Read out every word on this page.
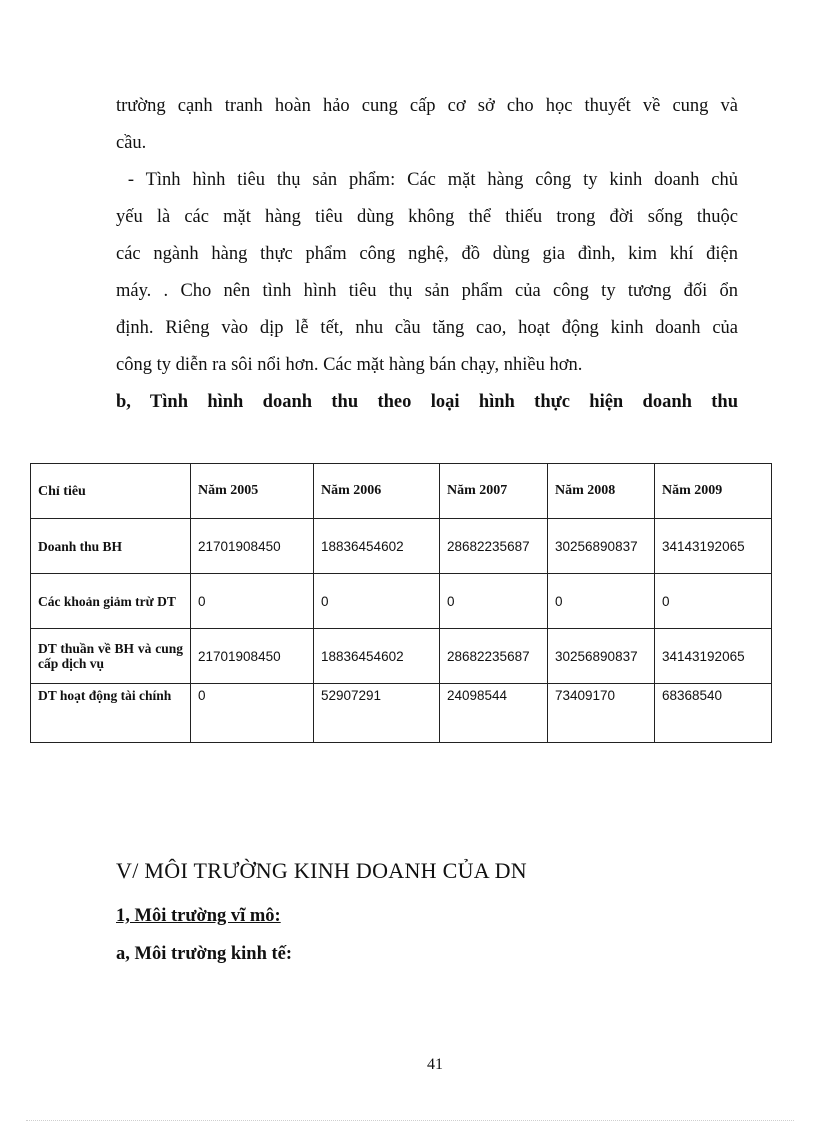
trường cạnh tranh hoàn hảo cung cấp cơ sở cho học thuyết về cung và
cầu.

- Tình hình tiêu thụ sản phẩm: Các mặt hàng công ty kinh doanh chủ
yếu là các mặt hàng tiêu dùng không thể thiếu trong đời sống thuộc
các ngành hàng thực phẩm công nghệ, đồ dùng gia đình, kim khí điện
máy. . Cho nên tình hình tiêu thụ sản phẩm của công ty tương đối ổn
định. Riêng vào dịp lễ tết, nhu cầu tăng cao, hoạt động kinh doanh của
công ty diễn ra sôi nổi hơn. Các mặt hàng bán chạy, nhiều hơn.

b, Tình hình doanh thu theo loại hình thực hiện doanh thu

Chỉ tiêu	Năm 2005	Năm 2006	Năm 2007	Năm 2008	Năm 2009
Doanh thu BH	21701908450	18836454602	28682235687	30256890837	34143192065
Các khoản giảm trừ DT	0	0	0	0	0
DT thuần về BH và cung cấp dịch vụ	21701908450	18836454602	28682235687	30256890837	34143192065
DT hoạt động tài chính	0	52907291	24098544	73409170	68368540
V/ MÔI TRƯỜNG KINH DOANH CỦA DN

1, Môi trường vĩ mô:

a, Môi trường kinh tế:

41
